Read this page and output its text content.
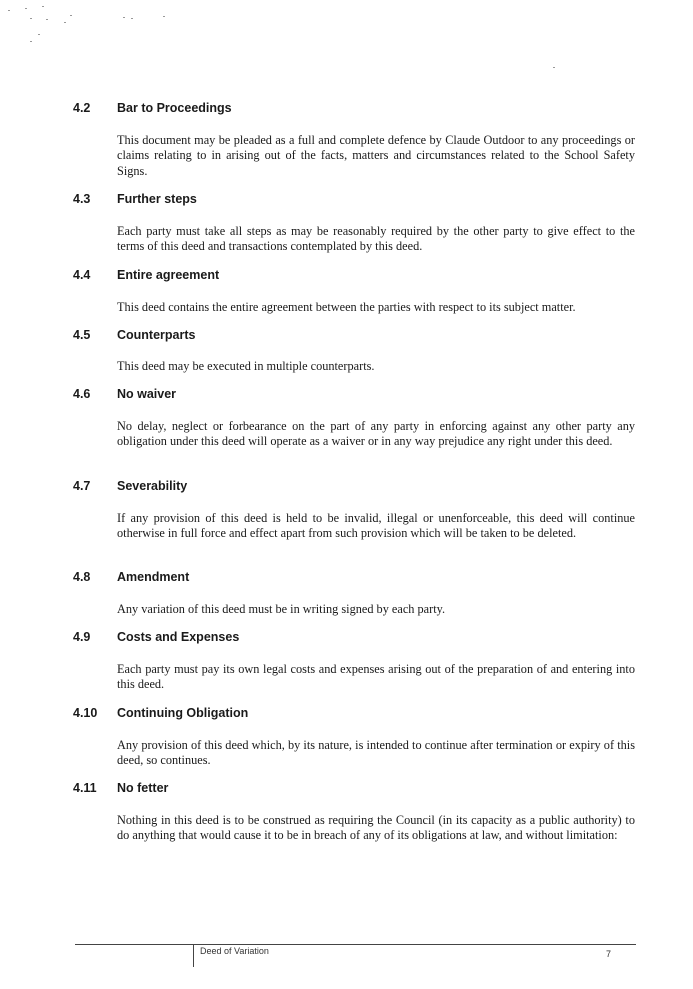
4.2 Bar to Proceedings
This document may be pleaded as a full and complete defence by Claude Outdoor to any proceedings or claims relating to in arising out of the facts, matters and circumstances related to the School Safety Signs.
4.3 Further steps
Each party must take all steps as may be reasonably required by the other party to give effect to the terms of this deed and transactions contemplated by this deed.
4.4 Entire agreement
This deed contains the entire agreement between the parties with respect to its subject matter.
4.5 Counterparts
This deed may be executed in multiple counterparts.
4.6 No waiver
No delay, neglect or forbearance on the part of any party in enforcing against any other party any obligation under this deed will operate as a waiver or in any way prejudice any right under this deed.
4.7 Severability
If any provision of this deed is held to be invalid, illegal or unenforceable, this deed will continue otherwise in full force and effect apart from such provision which will be taken to be deleted.
4.8 Amendment
Any variation of this deed must be in writing signed by each party.
4.9 Costs and Expenses
Each party must pay its own legal costs and expenses arising out of the preparation of and entering into this deed.
4.10 Continuing Obligation
Any provision of this deed which, by its nature, is intended to continue after termination or expiry of this deed, so continues.
4.11 No fetter
Nothing in this deed is to be construed as requiring the Council (in its capacity as a public authority) to do anything that would cause it to be in breach of any of its obligations at law, and without limitation:
Deed of Variation	7
